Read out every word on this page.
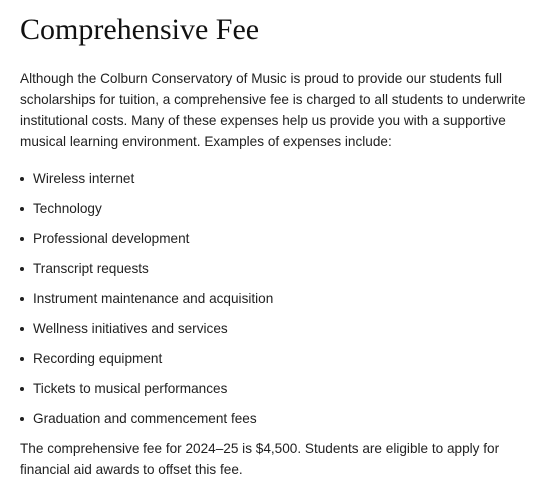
Comprehensive Fee

Although the Colburn Conservatory of Music is proud to provide our students full scholarships for tuition, a comprehensive fee is charged to all students to underwrite institutional costs. Many of these expenses help us provide you with a supportive musical learning environment. Examples of expenses include:

Wireless internet
Technology
Professional development
Transcript requests
Instrument maintenance and acquisition
Wellness initiatives and services
Recording equipment
Tickets to musical performances
Graduation and commencement fees

The comprehensive fee for 2024–25 is $4,500. Students are eligible to apply for financial aid awards to offset this fee.
